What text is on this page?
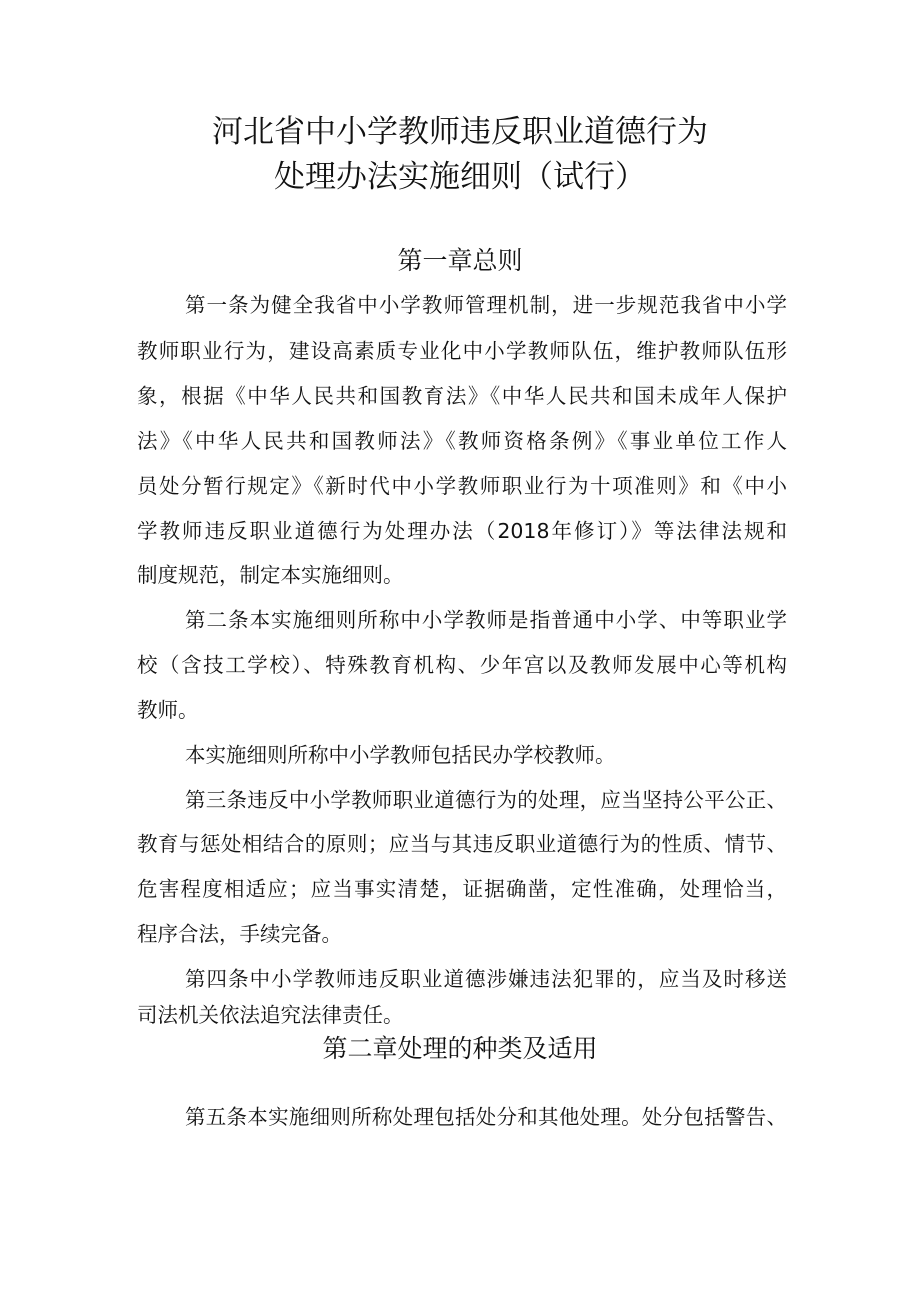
河北省中小学教师违反职业道德行为
处理办法实施细则（试行）
第一章总则
第一条为健全我省中小学教师管理机制，进一步规范我省中小学
教师职业行为，建设高素质专业化中小学教师队伍，维护教师队伍形
象，根据《中华人民共和国教育法》《中华人民共和国未成年人保护
法》《中华人民共和国教师法》《教师资格条例》《事业单位工作人
员处分暂行规定》《新时代中小学教师职业行为十项准则》和《中小
学教师违反职业道德行为处理办法（2018年修订）》等法律法规和
制度规范，制定本实施细则。
第二条本实施细则所称中小学教师是指普通中小学、中等职业学
校（含技工学校）、特殊教育机构、少年宫以及教师发展中心等机构
教师。
本实施细则所称中小学教师包括民办学校教师。
第三条违反中小学教师职业道德行为的处理，应当坚持公平公正、
教育与惩处相结合的原则；应当与其违反职业道德行为的性质、情节、
危害程度相适应；应当事实清楚，证据确凿，定性准确，处理恰当，
程序合法，手续完备。
第四条中小学教师违反职业道德涉嫌违法犯罪的，应当及时移送
司法机关依法追究法律责任。
第二章处理的种类及适用
第五条本实施细则所称处理包括处分和其他处理。处分包括警告、
